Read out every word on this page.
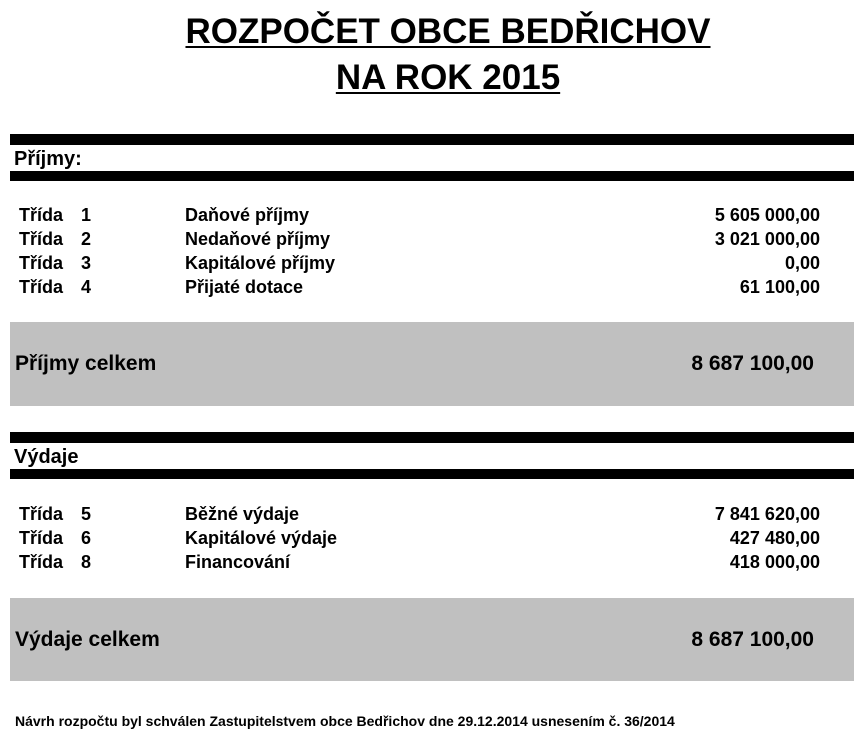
ROZPOČET OBCE BEDŘICHOV
NA ROK 2015
Příjmy:
Třída 1	Daňové příjmy	5 605 000,00
Třída 2	Nedaňové příjmy	3 021 000,00
Třída 3	Kapitálové příjmy	0,00
Třída 4	Přijaté dotace	61 100,00
Příjmy celkem	8 687 100,00
Výdaje
Třída 5	Běžné výdaje	7 841 620,00
Třída 6	Kapitálové výdaje	427 480,00
Třída 8	Financování	418 000,00
Výdaje celkem	8 687 100,00
Návrh rozpočtu byl schválen Zastupitelstvem obce Bedřichov dne 29.12.2014 usnesením č. 36/2014
